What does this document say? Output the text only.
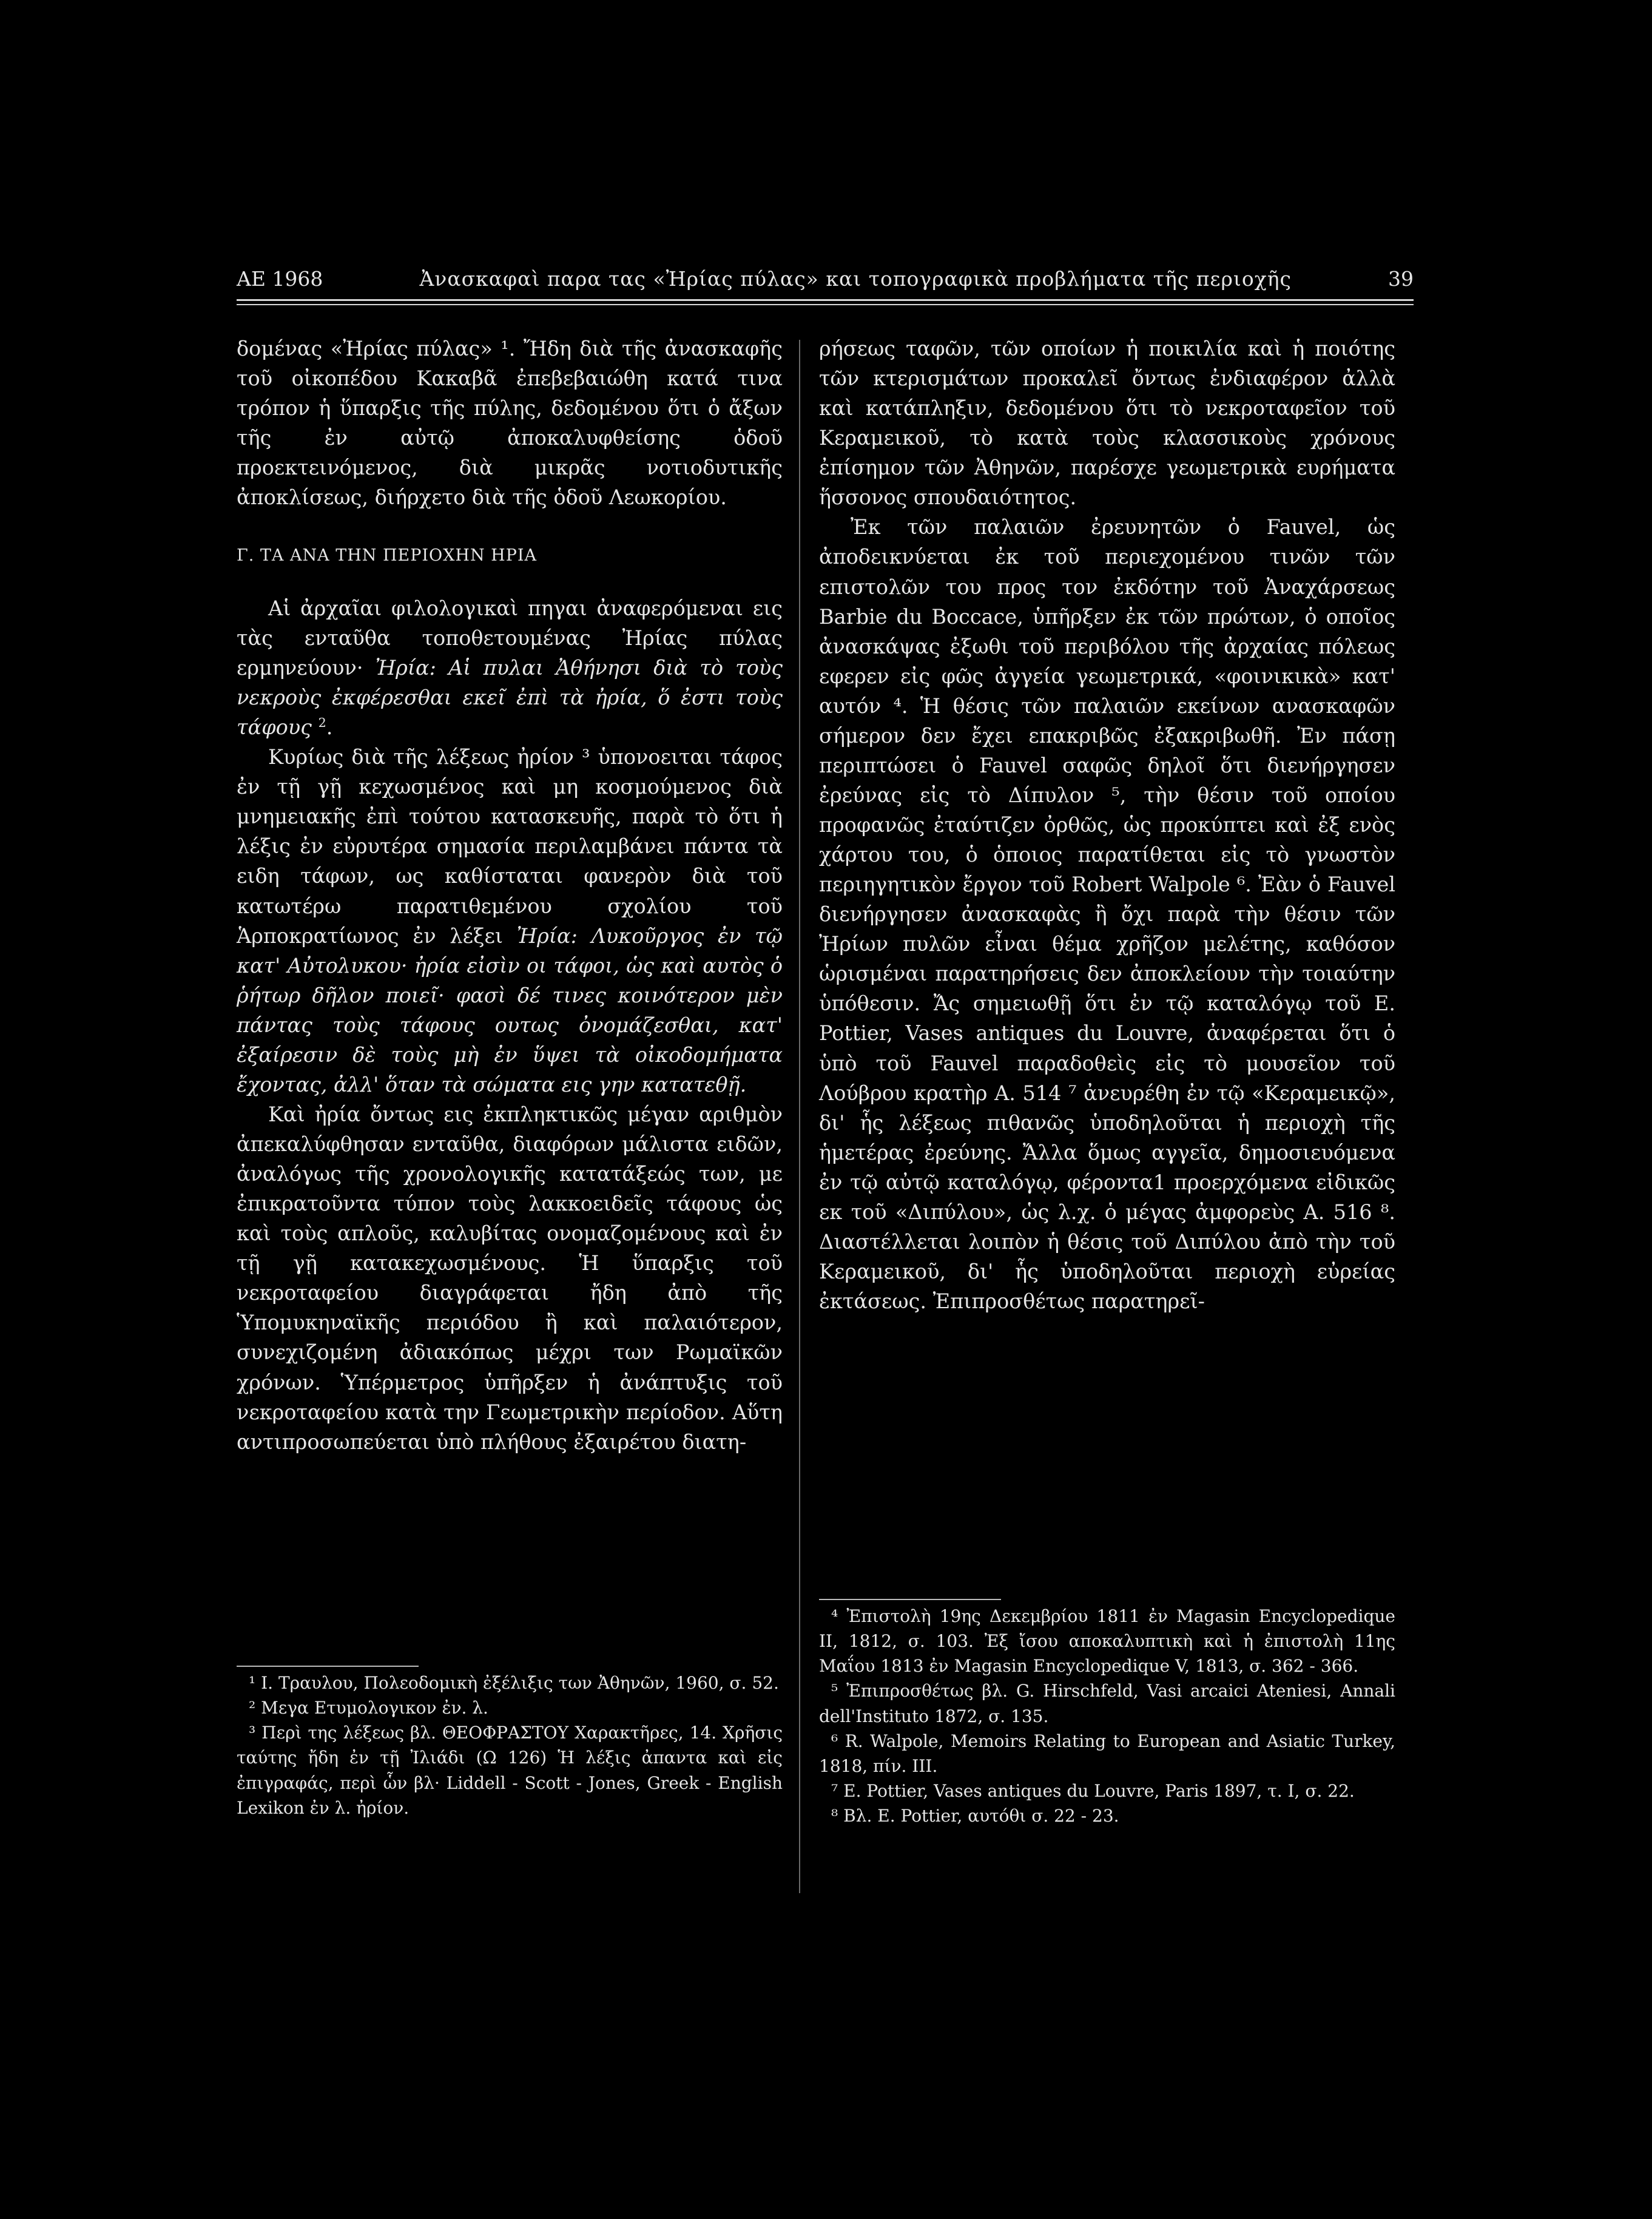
ΑΕ 1968	Ἀνασκαφαὶ παρα τας «Ἠρίας πύλας» και τοπογραφικὰ προβλήματα τῆς περιοχῆς	39

δομένας «Ἠρίας πύλας» ¹. Ἤδη διὰ τῆς ἀνασκαφῆς τοῦ οἰκοπέδου Κακαβᾶ ἐπεβεβαιώθη κατά τινα τρόπον ἡ ὕπαρξις τῆς πύλης, δεδομένου ὅτι ὁ ἄξων τῆς ἐν αὐτῷ ἀποκαλυφθείσης ὁδοῦ προεκτεινόμενος, διὰ μικρᾶς νοτιοδυτικῆς ἀποκλίσεως, διήρχετο διὰ τῆς ὁδοῦ Λεωκορίου.

Γ. ΤΑ ΑΝΑ ΤΗΝ ΠΕΡΙΟΧΗΝ ΗΡΙΑ

Αἱ ἀρχαῖαι φιλολογικαὶ πηγαι ἀναφερόμεναι εις τὰς ενταῦθα τοποθετουμένας Ἠρίας πύλας ερμηνεύουν· Ἠρία: Αἱ πυλαι Ἀθήνησι διὰ τὸ τοὺς νεκροὺς ἐκφέρεσθαι εκεῖ ἐπὶ τὰ ἠρία, ὅ ἐστι τοὺς τάφους $^2$.

Κυρίως διὰ τῆς λέξεως ἠρίον ³ ὑπονοειται τάφος ἐν τῇ γῇ κεχωσμένος καὶ μη κοσμούμενος διὰ μνημειακῆς ἐπὶ τούτου κατασκευῆς, παρὰ τὸ ὅτι ἡ λέξις ἐν εὐρυτέρα σημασία περιλαμβάνει πάντα τὰ ειδη τάφων, ως καθίσταται φανερὸν διὰ τοῦ κατωτέρω παρατιθεμένου σχολίου τοῦ Ἁρποκρατίωνος ἐν λέξει Ἠρία: Λυκοῦργος ἐν τῷ κατ' Αὐτολυκου· ἠρία εἰσὶν οι τάφοι, ὡς καὶ αυτὸς ὁ ῥήτωρ δῆλον ποιεῖ· φασὶ δέ τινες κοινότερον μὲν πάντας τοὺς τάφους ουτως ὀνομάζεσθαι, κατ' ἐξαίρεσιν δὲ τοὺς μὴ ἐν ὕψει τὰ οἰκοδομήματα ἔχοντας, ἀλλ' ὅταν τὰ σώματα εις γην κατατεθῇ.

Καὶ ἠρία ὄντως εις ἐκπληκτικῶς μέγαν αριθμὸν ἀπεκαλύφθησαν ενταῦθα, διαφόρων μάλιστα ειδῶν, ἀναλόγως τῆς χρονολογικῆς κατατάξεώς των, με ἐπικρατοῦντα τύπον τοὺς λακκοειδεῖς τάφους ὡς καὶ τοὺς απλοῦς, καλυβίτας ονομαζομένους καὶ ἐν τῇ γῇ κατακεχωσμένους. Ἡ ὕπαρξις τοῦ νεκροταφείου διαγράφεται ἤδη ἀπὸ τῆς Ὑπομυκηναϊκῆς περιόδου ἢ καὶ παλαιότερον, συνεχιζομένη ἀδιακόπως μέχρι των Ρωμαϊκῶν χρόνων. Ὑπέρμετρος ὑπῆρξεν ἡ ἀνάπτυξις τοῦ νεκροταφείου κατὰ την Γεωμετρικὴν περίοδον. Αὕτη αντιπροσωπεύεται ὑπὸ πλήθους ἐξαιρέτου διατη-

ρήσεως ταφῶν, τῶν οποίων ἡ ποικιλία καὶ ἡ ποιότης τῶν κτερισμάτων προκαλεῖ ὄντως ἐνδιαφέρον ἀλλὰ καὶ κατάπληξιν, δεδομένου ὅτι τὸ νεκροταφεῖον τοῦ Κεραμεικοῦ, τὸ κατὰ τοὺς κλασσικοὺς χρόνους ἐπίσημον τῶν Ἀθηνῶν, παρέσχε γεωμετρικὰ ευρήματα ἥσσονος σπουδαιότητος.

Ἐκ τῶν παλαιῶν ἐρευνητῶν ὁ Fauvel, ὡς ἀποδεικνύεται ἐκ τοῦ περιεχομένου τινῶν τῶν επιστολῶν του προς τον ἐκδότην τοῦ Ἀναχάρσεως Barbie du Boccace, ὑπῆρξεν ἐκ τῶν πρώτων, ὁ οποῖος ἀνασκάψας ἐξωθι τοῦ περιβόλου τῆς ἀρχαίας πόλεως εφερεν εἰς φῶς ἀγγεία γεωμετρικά, «φοινικικὰ» κατ' αυτόν ⁴. Ἡ θέσις τῶν παλαιῶν εκείνων ανασκαφῶν σήμερον δεν ἔχει επακριβῶς ἐξακριβωθῆ. Ἐν πάσῃ περιπτώσει ὁ Fauvel σαφῶς δηλοῖ ὅτι διενήργησεν ἐρεύνας εἰς τὸ Δίπυλον ⁵, τὴν θέσιν τοῦ οποίου προφανῶς ἐταύτιζεν ὀρθῶς, ὡς προκύπτει καὶ ἐξ ενὸς χάρτου του, ὁ ὁποιος παρατίθεται εἰς τὸ γνωστὸν περιηγητικὸν ἔργον τοῦ Robert Walpole ⁶. Ἐὰν ὁ Fauvel διενήργησεν ἀνασκαφὰς ἢ ὄχι παρὰ τὴν θέσιν τῶν Ἠρίων πυλῶν εἶναι θέμα χρῆζον μελέτης, καθόσον ὡρισμέναι παρατηρήσεις δεν ἀποκλείουν τὴν τοιαύτην ὑπόθεσιν. Ἄς σημειωθῇ ὅτι ἐν τῷ καταλόγῳ τοῦ E. Pottier, Vases antiques du Louvre, ἀναφέρεται ὅτι ὁ ὑπὸ τοῦ Fauvel παραδοθεὶς εἰς τὸ μουσεῖον τοῦ Λούβρου κρατὴρ A. 514 ⁷ ἀνευρέθη ἐν τῷ «Κεραμεικῷ», δι' ἧς λέξεως πιθανῶς ὑποδηλοῦται ἡ περιοχὴ τῆς ἡμετέρας ἐρεύνης. Ἄλλα ὅμως αγγεῖα, δημοσιευόμενα ἐν τῷ αὐτῷ καταλόγῳ, φέροντα1 προερχόμενα εἰδικῶς εκ τοῦ «Διπύλου», ὡς λ.χ. ὁ μέγας ἀμφορεὺς A. 516 ⁸. Διαστέλλεται λοιπὸν ἡ θέσις τοῦ Διπύλου ἀπὸ τὴν τοῦ Κεραμεικοῦ, δι' ἧς ὑποδηλοῦται περιοχὴ εὐρείας ἐκτάσεως. Ἐπιπροσθέτως παρατηρεῖ-

¹ Ι. Τραυλου, Πολεοδομικὴ ἐξέλιξις των Ἀθηνῶν, 1960, σ. 52.

² Μεγα Ετυμολογικον ἐν. λ.

³ Περὶ της λέξεως βλ. ΘΕΟΦΡΑΣΤΟΥ Χαρακτῆρες, 14. Χρῆσις ταύτης ἤδη ἐν τῇ Ἰλιάδι (Ω 126) Ἡ λέξις ἀπαντα καὶ εἰς ἐπιγραφάς, περὶ ὧν βλ· Liddell - Scott - Jones, Greek - English Lexikon ἐν λ. ἠρίον.

⁴ Ἐπιστολὴ 19ης Δεκεμβρίου 1811 ἐν Magasin Encyclopedique II, 1812, σ. 103. Ἐξ ἴσου αποκαλυπτικὴ καὶ ἡ ἐπιστολὴ 11ης Μαΐου 1813 ἐν Magasin Encyclopedique V, 1813, σ. 362 - 366.

⁵ Ἐπιπροσθέτως βλ. G. Hirschfeld, Vasi arcaici Ateniesi, Annali dell'Instituto 1872, σ. 135.

⁶ R. Walpole, Memoirs Relating to European and Asiatic Turkey, 1818, πίν. III.

⁷ E. Pottier, Vases antiques du Louvre, Paris 1897, τ. I, σ. 22.

⁸ Βλ. E. Pottier, αυτόθι σ. 22 - 23.
